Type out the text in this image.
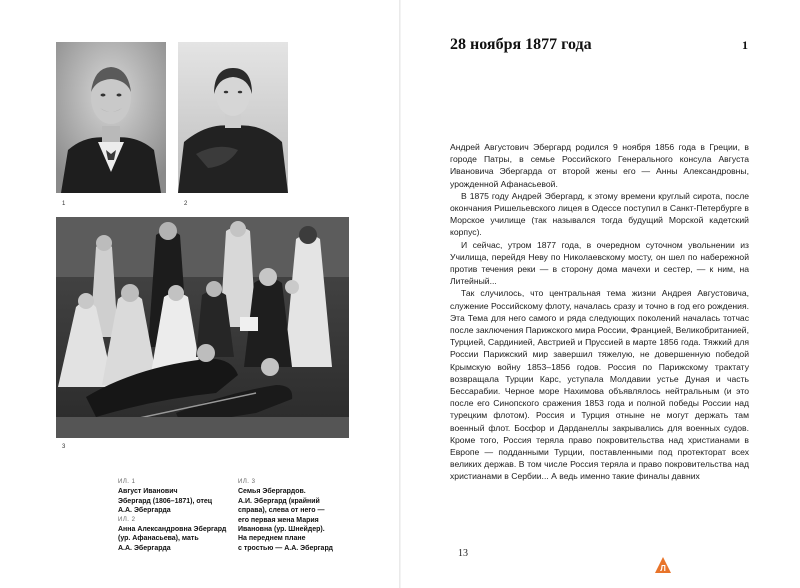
1	2
3
ИЛ. 1
Август Иванович
Эбергард (1806–1871), отец
А.А. Эбергарда
ИЛ. 2
Анна Александровна Эбергард
(ур. Афанасьева), мать
А.А. Эбергарда
ИЛ. 3
Семья Эбергардов.
А.И. Эбергард (крайний
справа), слева от него —
его первая жена Мария
Ивановна (ур. Шнейдер).
На переднем плане
с тростью — А.А. Эбергард
28 ноября 1877 года	1

Андрей Августович Эбергард родился 9 ноября 1856 года в Греции, в городе Патры, в семье Российского Генерального консула Августа Ивановича Эбергарда от второй жены его — Анны Александровны, урожденной Афанасьевой.

В 1875 году Андрей Эбергард, к этому времени круглый сирота, после окончания Ришельевского лицея в Одессе поступил в Санкт-Петербурге в Морское училище (так называлcя тогда будущий Морской кадетский корпус).

И сейчас, утром 1877 года, в очередном суточном увольнении из Училища, перейдя Неву по Николаевскому мосту, он шел по набережной против течения реки — в сторону дома мачехи и сестер, — к ним, на Литейный...

Так случилось, что центральная тема жизни Андрея Августовича, служение Российскому флоту, началась сразу и точно в год его рождения. Эта Тема для него самого и ряда следующих поколений началась тотчас после заключения Парижского мира России, Францией, Великобританией, Турцией, Сардинией, Австрией и Пруссией в марте 1856 года. Тяжкий для России Парижский мир завершил тяжелую, не довершенную победой Крымскую войну 1853–1856 годов. Россия по Парижскому трактату возвращала Турции Карс, уступала Молдавии устье Дуная и часть Бессарабии. Черное море Нахимова объявлялось нейтральным (и это после его Синопского сражения 1853 года и полной победы России над турецким флотом). Россия и Турция отныне не могут держать там военный флот. Босфор и Дарданеллы закрывались для военных судов. Кроме того, Россия теряла право покровительства над христианами в Европе — подданными Турции, поставленными под протекторат всех великих держав. В том числе Россия теряла и право покровительства над христианами в Сербии... А ведь именно такие финалы давних

13
Л
